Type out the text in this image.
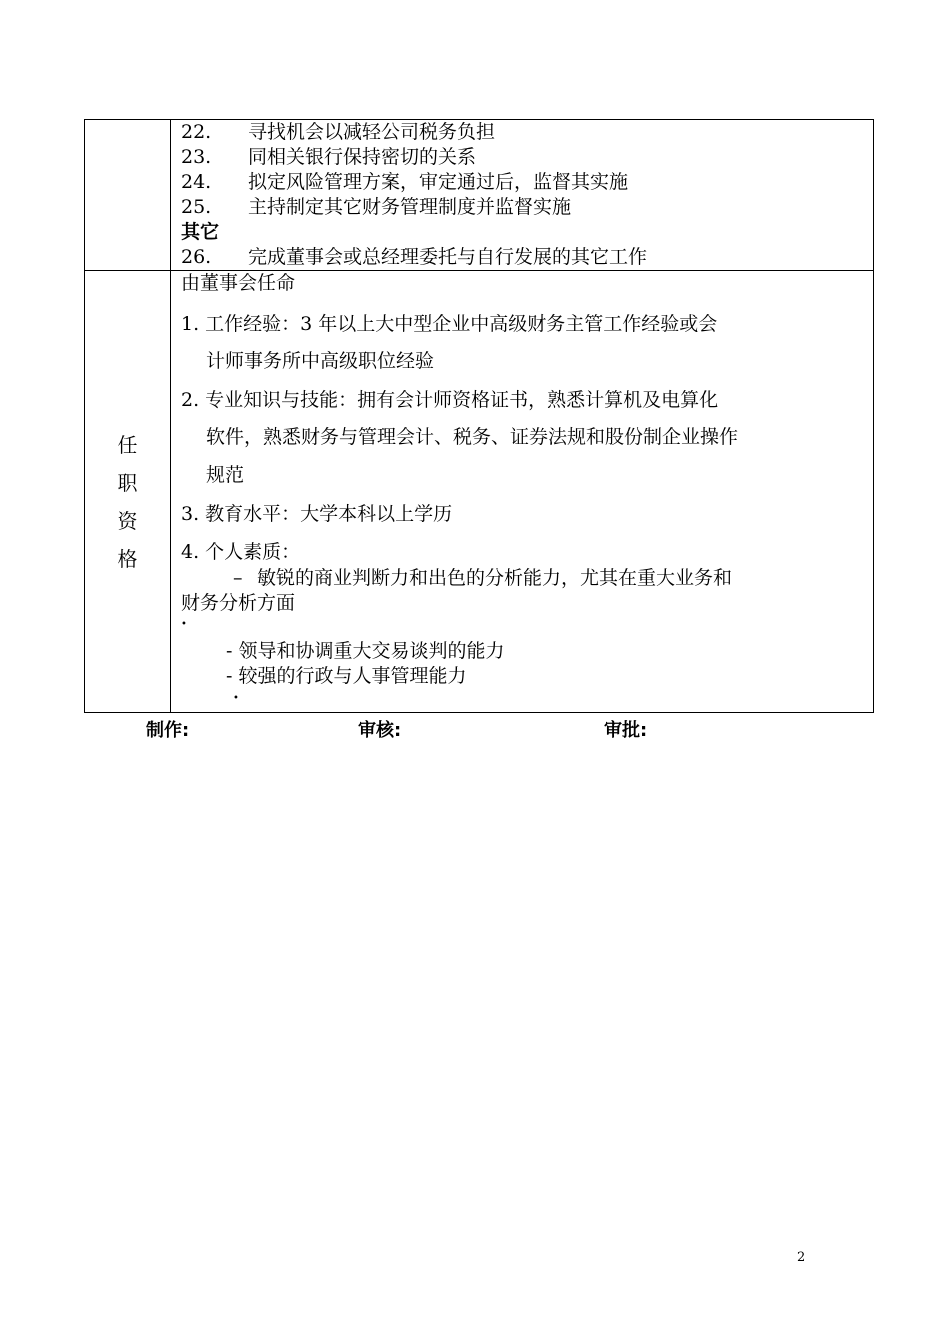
22. 寻找机会以减轻公司税务负担
23. 同相关银行保持密切的关系
24. 拟定风险管理方案，审定通过后，监督其实施
25. 主持制定其它财务管理制度并监督实施
其它
26. 完成董事会或总经理委托与自行发展的其它工作
任
职
资
格
由董事会任命
1. 工作经验：3 年以上大中型企业中高级财务主管工作经验或会
计师事务所中高级职位经验
2. 专业知识与技能：拥有会计师资格证书，熟悉计算机及电算化
软件，熟悉财务与管理会计、税务、证券法规和股份制企业操作
规范
3. 教育水平：大学本科以上学历
4. 个人素质：
– 敏锐的商业判断力和出色的分析能力，尤其在重大业务和
财务分析方面
•
- 领导和协调重大交易谈判的能力
- 较强的行政与人事管理能力
•
制作:	审核:	审批:
2
